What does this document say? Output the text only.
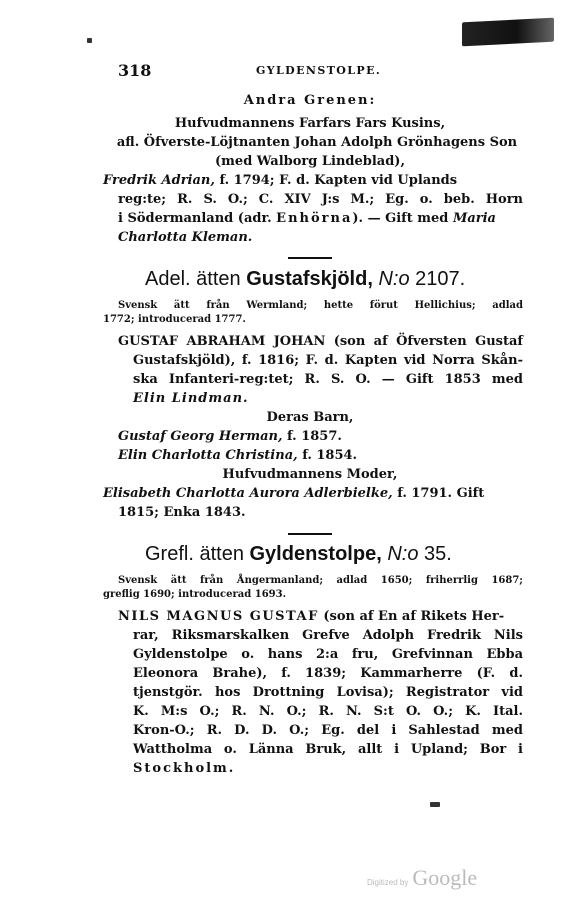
318	GYLDENSTOLPE.
Andra Grenen:
Hufvudmannens Farfars Fars Kusins,
afl. Öfverste-Löjtnanten Johan Adolph Grönhagens Son
(med Walborg Lindeblad),
Fredrik Adrian, f. 1794; F. d. Kapten vid Uplands
reg:te; R. S. O.; C. XIV J:s M.; Eg. o. beb. Horn
i Södermanland (adr. Enhörna). — Gift med Maria
Charlotta Kleman.
Adel. ätten Gustafskjöld, N:o 2107.
Svensk ätt från Wermland; hette förut Hellichius; adlad
1772; introducerad 1777.
GUSTAF ABRAHAM JOHAN (son af Öfversten Gustaf
Gustafskjöld), f. 1816; F. d. Kapten vid Norra Skån-
ska Infanteri-reg:tet; R. S. O. — Gift 1853 med
Elin Lindman.
Deras Barn,
Gustaf Georg Herman, f. 1857.
Elin Charlotta Christina, f. 1854.
Hufvudmannens Moder,
Elisabeth Charlotta Aurora Adlerbielke, f. 1791. Gift
1815; Enka 1843.
Grefl. ätten Gyldenstolpe, N:o 35.
Svensk ätt från Ångermanland; adlad 1650; friherrlig 1687;
greflig 1690; introducerad 1693.
NILS MAGNUS GUSTAF (son af En af Rikets Her-
rar, Riksmarskalken Grefve Adolph Fredrik Nils
Gyldenstolpe o. hans 2:a fru, Grefvinnan Ebba
Eleonora Brahe), f. 1839; Kammarherre (F. d.
tjenstgör. hos Drottning Lovisa); Registrator vid
K. M:s O.; R. N. O.; R. N. S:t O. O.; K. Ital.
Kron-O.; R. D. D. O.; Eg. del i Sahlestad med
Wattholma o. Länna Bruk, allt i Upland; Bor i
Stockholm.
Digitized by Google
